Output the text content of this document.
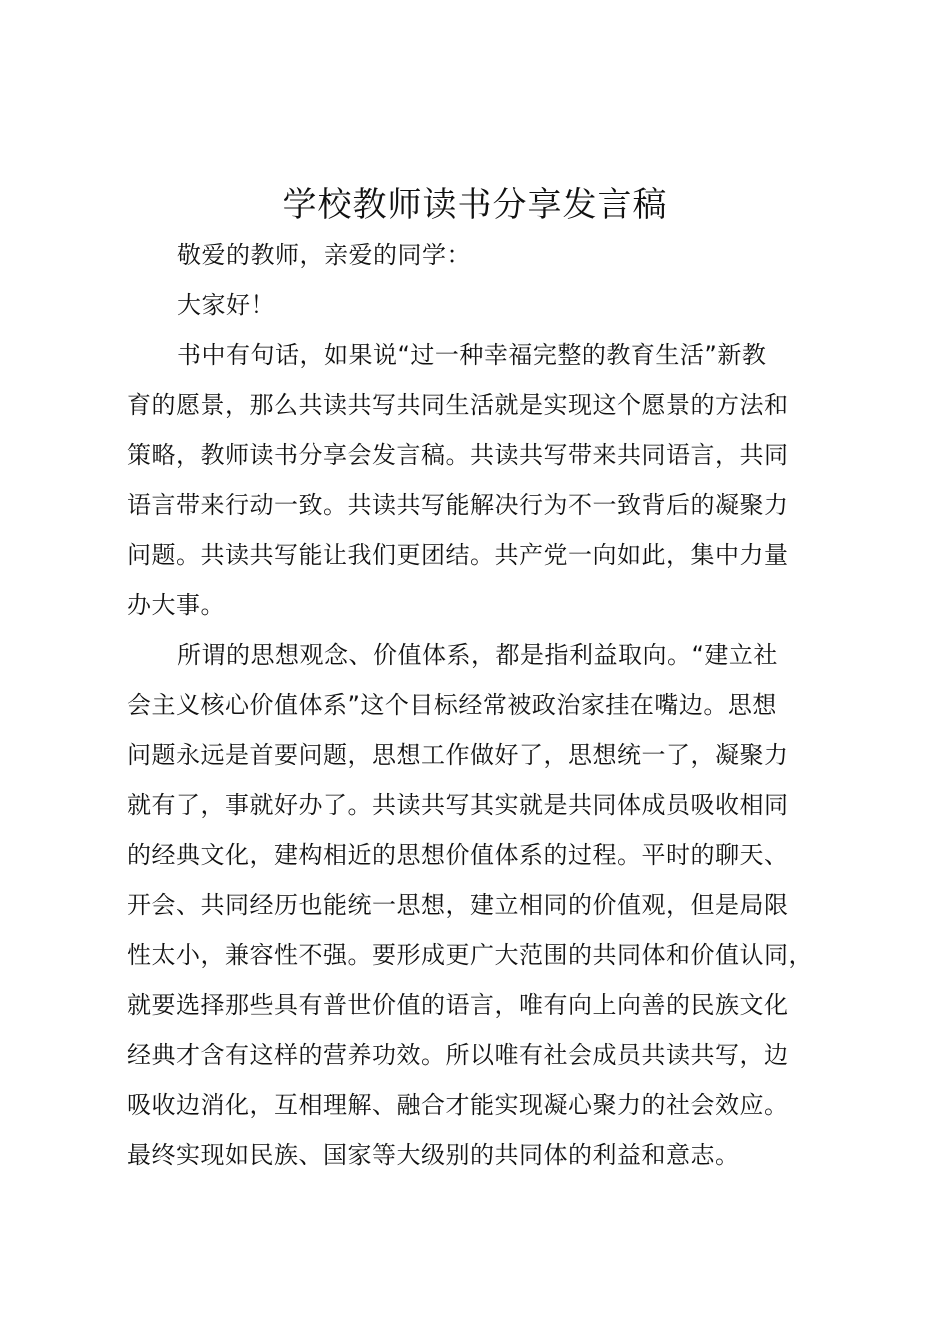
学校教师读书分享发言稿
敬爱的教师，亲爱的同学：
大家好！
书中有句话，如果说“过一种幸福完整的教育生活”新教
育的愿景，那么共读共写共同生活就是实现这个愿景的方法和
策略，教师读书分享会发言稿。共读共写带来共同语言，共同
语言带来行动一致。共读共写能解决行为不一致背后的凝聚力
问题。共读共写能让我们更团结。共产党一向如此，集中力量
办大事。
所谓的思想观念、价值体系，都是指利益取向。“建立社
会主义核心价值体系”这个目标经常被政治家挂在嘴边。思想
问题永远是首要问题，思想工作做好了，思想统一了，凝聚力
就有了，事就好办了。共读共写其实就是共同体成员吸收相同
的经典文化，建构相近的思想价值体系的过程。平时的聊天、
开会、共同经历也能统一思想，建立相同的价值观，但是局限
性太小，兼容性不强。要形成更广大范围的共同体和价值认同，
就要选择那些具有普世价值的语言，唯有向上向善的民族文化
经典才含有这样的营养功效。所以唯有社会成员共读共写，边
吸收边消化，互相理解、融合才能实现凝心聚力的社会效应。
最终实现如民族、国家等大级别的共同体的利益和意志。
